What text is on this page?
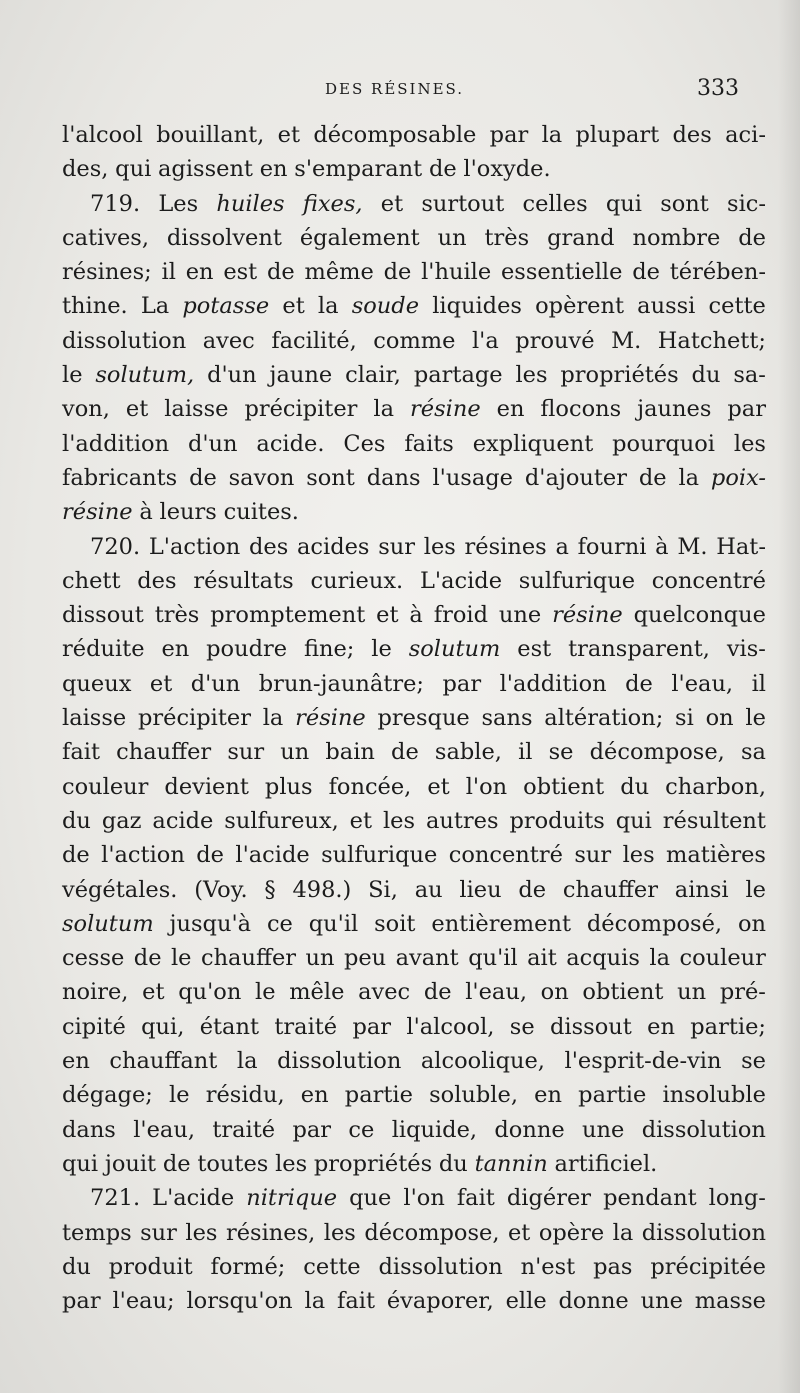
DES RÉSINES.	333
l'alcool bouillant, et décomposable par la plupart des aci-
des, qui agissent en s'emparant de l'oxyde.
719. Les huiles fixes, et surtout celles qui sont sic-
catives, dissolvent également un très grand nombre de
résines; il en est de même de l'huile essentielle de térében-
thine. La potasse et la soude liquides opèrent aussi cette
dissolution avec facilité, comme l'a prouvé M. Hatchett;
le solutum, d'un jaune clair, partage les propriétés du sa-
von, et laisse précipiter la résine en flocons jaunes par
l'addition d'un acide. Ces faits expliquent pourquoi les
fabricants de savon sont dans l'usage d'ajouter de la poix-
résine à leurs cuites.
720. L'action des acides sur les résines a fourni à M. Hat-
chett des résultats curieux. L'acide sulfurique concentré
dissout très promptement et à froid une résine quelconque
réduite en poudre fine; le solutum est transparent, vis-
queux et d'un brun-jaunâtre; par l'addition de l'eau, il
laisse précipiter la résine presque sans altération; si on le
fait chauffer sur un bain de sable, il se décompose, sa
couleur devient plus foncée, et l'on obtient du charbon,
du gaz acide sulfureux, et les autres produits qui résultent
de l'action de l'acide sulfurique concentré sur les matières
végétales. (Voy. § 498.) Si, au lieu de chauffer ainsi le
solutum jusqu'à ce qu'il soit entièrement décomposé, on
cesse de le chauffer un peu avant qu'il ait acquis la couleur
noire, et qu'on le mêle avec de l'eau, on obtient un pré-
cipité qui, étant traité par l'alcool, se dissout en partie;
en chauffant la dissolution alcoolique, l'esprit-de-vin se
dégage; le résidu, en partie soluble, en partie insoluble
dans l'eau, traité par ce liquide, donne une dissolution
qui jouit de toutes les propriétés du tannin artificiel.
721. L'acide nitrique que l'on fait digérer pendant long-
temps sur les résines, les décompose, et opère la dissolution
du produit formé; cette dissolution n'est pas précipitée
par l'eau; lorsqu'on la fait évaporer, elle donne une masse
